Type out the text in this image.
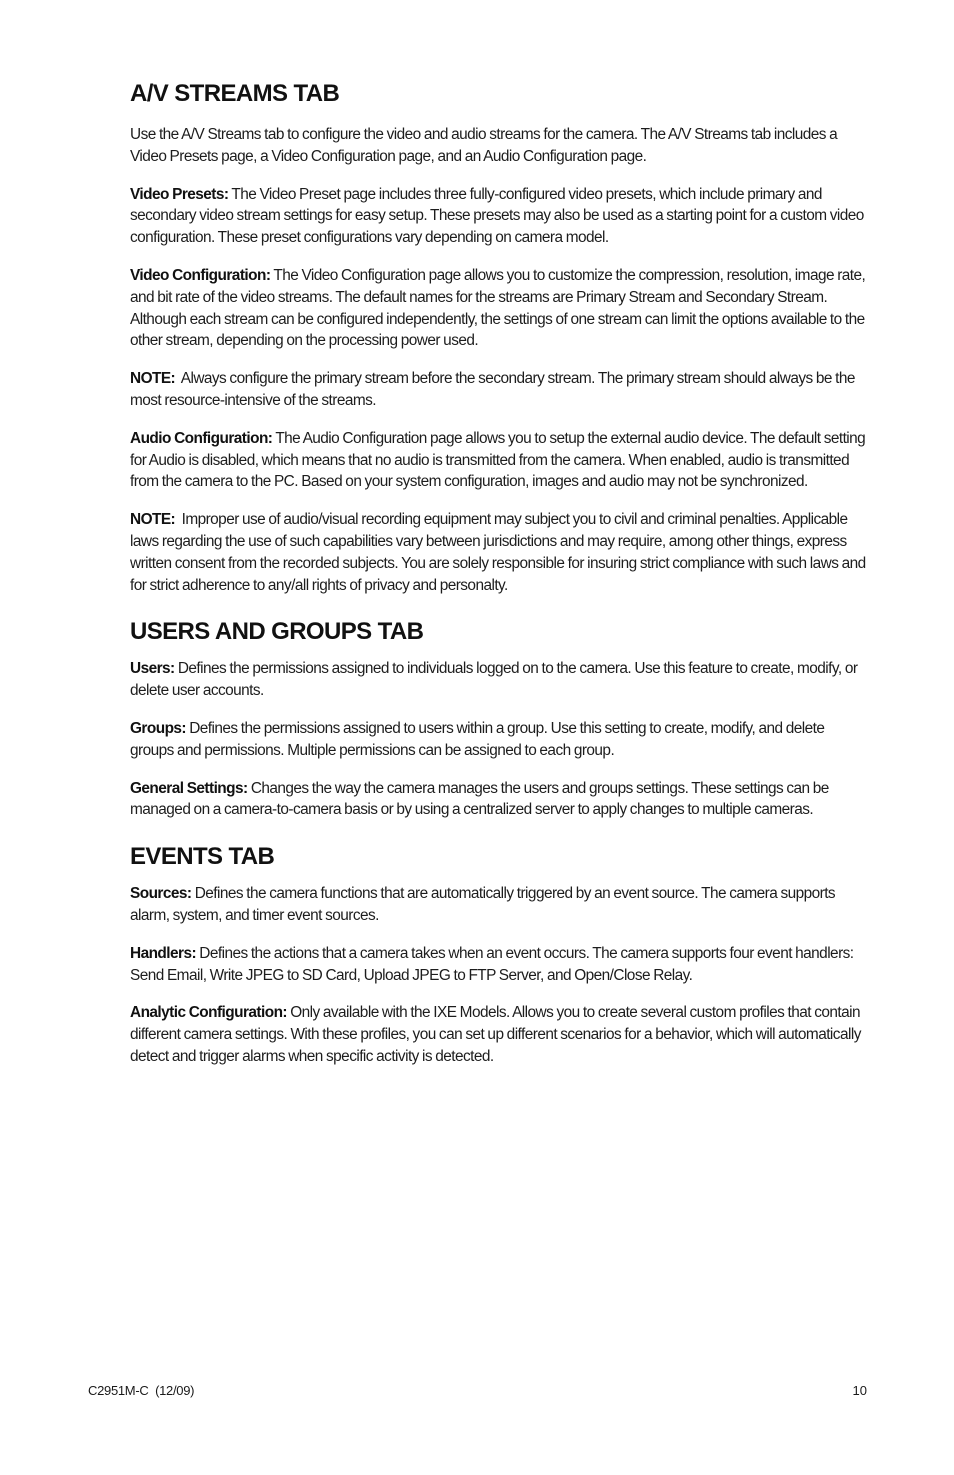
A/V STREAMS TAB

Use the A/V Streams tab to configure the video and audio streams for the camera. The A/V Streams tab includes a Video Presets page, a Video Configuration page, and an Audio Configuration page.

Video Presets: The Video Preset page includes three fully-configured video presets, which include primary and secondary video stream settings for easy setup. These presets may also be used as a starting point for a custom video configuration. These preset configurations vary depending on camera model.

Video Configuration: The Video Configuration page allows you to customize the compression, resolution, image rate, and bit rate of the video streams. The default names for the streams are Primary Stream and Secondary Stream. Although each stream can be configured independently, the settings of one stream can limit the options available to the other stream, depending on the processing power used.

NOTE:  Always configure the primary stream before the secondary stream. The primary stream should always be the most resource-intensive of the streams.

Audio Configuration: The Audio Configuration page allows you to setup the external audio device. The default setting for Audio is disabled, which means that no audio is transmitted from the camera. When enabled, audio is transmitted from the camera to the PC. Based on your system configuration, images and audio may not be synchronized.

NOTE:  Improper use of audio/visual recording equipment may subject you to civil and criminal penalties. Applicable laws regarding the use of such capabilities vary between jurisdictions and may require, among other things, express written consent from the recorded subjects. You are solely responsible for insuring strict compliance with such laws and for strict adherence to any/all rights of privacy and personalty.

USERS AND GROUPS TAB

Users: Defines the permissions assigned to individuals logged on to the camera. Use this feature to create, modify, or delete user accounts.

Groups: Defines the permissions assigned to users within a group. Use this setting to create, modify, and delete groups and permissions. Multiple permissions can be assigned to each group.

General Settings: Changes the way the camera manages the users and groups settings. These settings can be managed on a camera-to-camera basis or by using a centralized server to apply changes to multiple cameras.

EVENTS TAB

Sources: Defines the camera functions that are automatically triggered by an event source. The camera supports alarm, system, and timer event sources.

Handlers: Defines the actions that a camera takes when an event occurs. The camera supports four event handlers: Send Email, Write JPEG to SD Card, Upload JPEG to FTP Server, and Open/Close Relay.

Analytic Configuration: Only available with the IXE Models. Allows you to create several custom profiles that contain different camera settings. With these profiles, you can set up different scenarios for a behavior, which will automatically detect and trigger alarms when specific activity is detected.

C2951M-C  (12/09)	10
